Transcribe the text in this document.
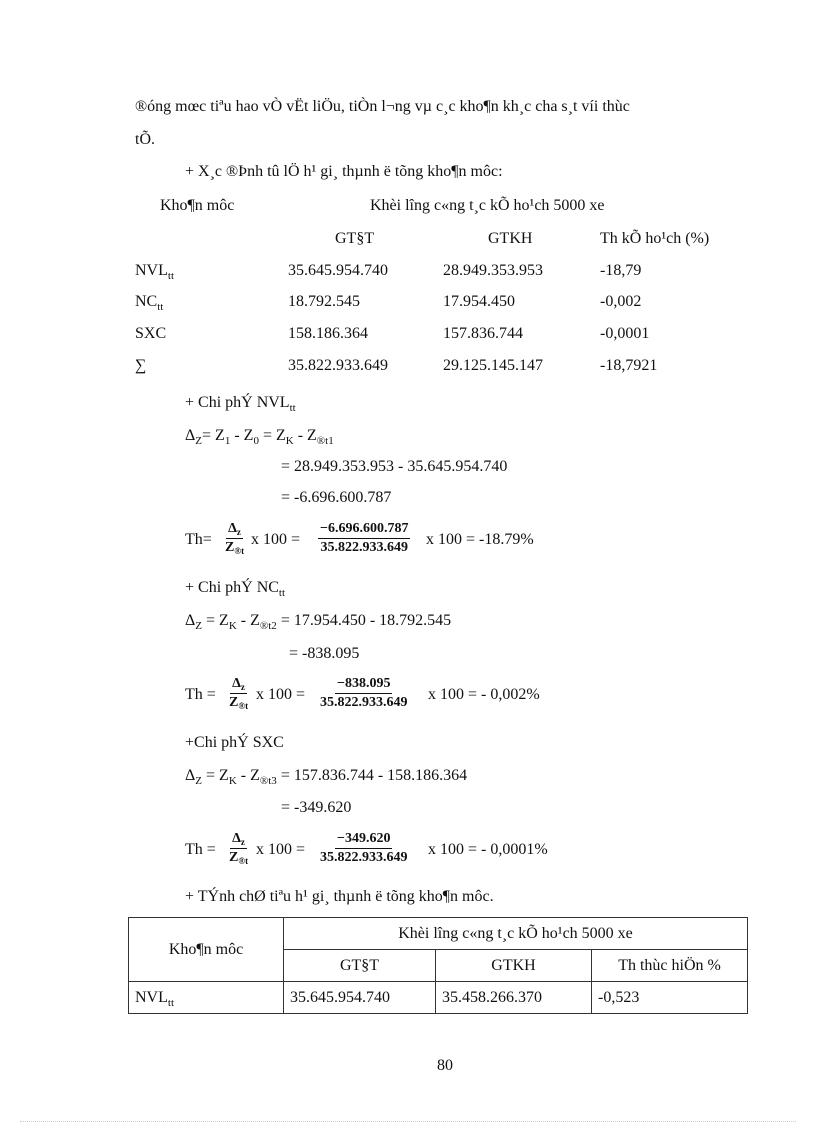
®óng mœc tiªu hao vÒ vËt liÖu, tiÒn l¬ng vµ c¸c kho¶n kh¸c cha s¸t víi thùc
tÕ.
+ X¸c ®Þnh tû lÖ h¹ gi¸ thµnh ë tõng kho¶n môc:
Kho¶n môc	Khèi lîng c«ng t¸c kÕ ho¹ch 5000 xe
GT§T	GTKH	Th kÕ ho¹ch (%)
$NVL_{tt}$	35.645.954.740	28.949.353.953	-18,79
$NC_{tt}$	18.792.545	17.954.450	-0,002
SXC	158.186.364	157.836.744	-0,0001
∑	35.822.933.649	29.125.145.147	-18,7921
+ Chi phÝ $NVL_{tt}$
$\Delta_Z= Z_1 - Z_0 = Z_K - Z_{®t1}$
= 28.949.353.953 - 35.645.954.740
= -6.696.600.787
$Th= \frac{\Delta_z}{Z_{®t}}$ x $100 = \frac{-6.696.600.787}{35.822.933.649}$ x 100 = -18.79%
+ Chi phÝ $NC_{tt}$
$\Delta_Z = Z_K - Z_{®t2} = 17.954.450 - 18.792.545$
= -838.095
$Th = \frac{\Delta_z}{Z_{®t}}$ x $100 = \frac{-838.095}{35.822.933.649}$ x 100 = - 0,002%
+Chi phÝ SXC
$\Delta_Z = Z_K - Z_{®t3} = 157.836.744 - 158.186.364$
= -349.620
$Th = \frac{\Delta_z}{Z_{®t}}$ x $100 = \frac{-349.620}{35.822.933.649}$ x 100 = - 0,0001%
+ TÝnh chØ tiªu h¹ gi¸ thµnh ë tõng kho¶n môc.
Kho¶n môc	Khèi lîng c«ng t¸c kÕ ho¹ch 5000 xe		
	GT§T	GTKH	Th thùc hiÖn %
$NVL_{tt}$	35.645.954.740	35.458.266.370	-0,523
80
